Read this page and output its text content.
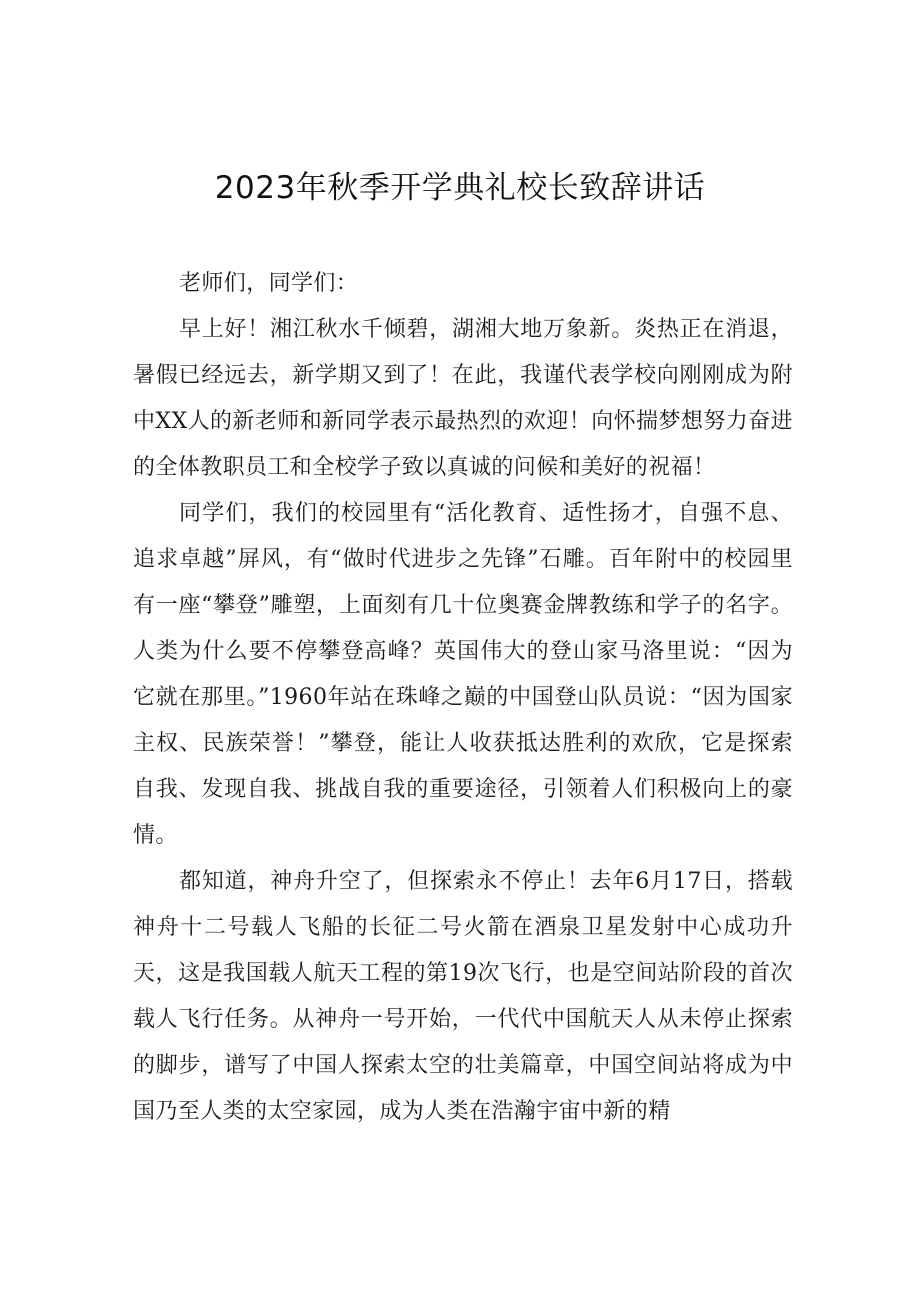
2023年秋季开学典礼校长致辞讲话

老师们，同学们：

早上好！湘江秋水千倾碧，湖湘大地万象新。炎热正在消退，暑假已经远去，新学期又到了！在此，我谨代表学校向刚刚成为附中XX人的新老师和新同学表示最热烈的欢迎！向怀揣梦想努力奋进的全体教职员工和全校学子致以真诚的问候和美好的祝福！

同学们，我们的校园里有“活化教育、适性扬才，自强不息、追求卓越”屏风，有“做时代进步之先锋”石雕。百年附中的校园里有一座“攀登”雕塑，上面刻有几十位奥赛金牌教练和学子的名字。人类为什么要不停攀登高峰？英国伟大的登山家马洛里说：“因为它就在那里。”1960年站在珠峰之巅的中国登山队员说：“因为国家主权、民族荣誉！”攀登，能让人收获抵达胜利的欢欣，它是探索自我、发现自我、挑战自我的重要途径，引领着人们积极向上的豪情。

都知道，神舟升空了，但探索永不停止！去年6月17日，搭载神舟十二号载人飞船的长征二号火箭在酒泉卫星发射中心成功升天，这是我国载人航天工程的第19次飞行，也是空间站阶段的首次载人飞行任务。从神舟一号开始，一代代中国航天人从未停止探索的脚步，谱写了中国人探索太空的壮美篇章，中国空间站将成为中国乃至人类的太空家园，成为人类在浩瀚宇宙中新的精
